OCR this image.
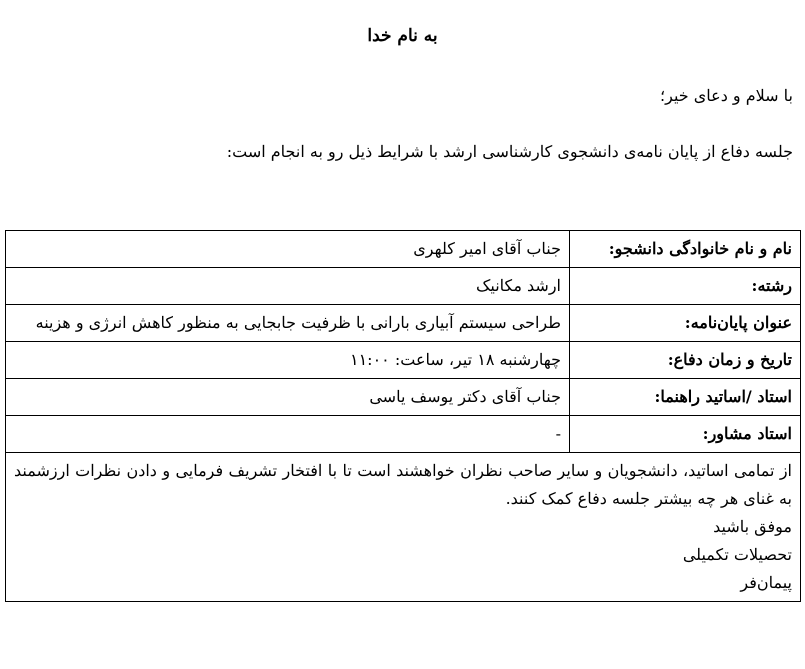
به نام خدا
با سلام و دعای خیر؛
جلسه دفاع از پایان نامه‌ی دانشجوی کارشناسی ارشد با شرایط ذیل رو به انجام است:
نام و نام خانوادگی دانشجو:	جناب آقای امیر کلهری
رشته:	ارشد مکانیک
عنوان پایان‌نامه:	طراحی سیستم آبیاری بارانی با ظرفیت جابجایی به منظور کاهش انرژی و هزینه
تاریخ و زمان دفاع:	چهارشنبه ۱۸ تیر، ساعت: ۱۱:۰۰
استاد /اساتید راهنما:	جناب آقای دکتر یوسف یاسی
استاد مشاور:	-

از تمامی اساتید، دانشجویان و سایر صاحب نظران خواهشند است تا با افتخار تشریف فرمایی و دادن نظرات ارزشمند به غنای هر چه بیشتر جلسه دفاع کمک کنند.
موفق باشید
تحصیلات تکمیلی
پیمان‌فر	
